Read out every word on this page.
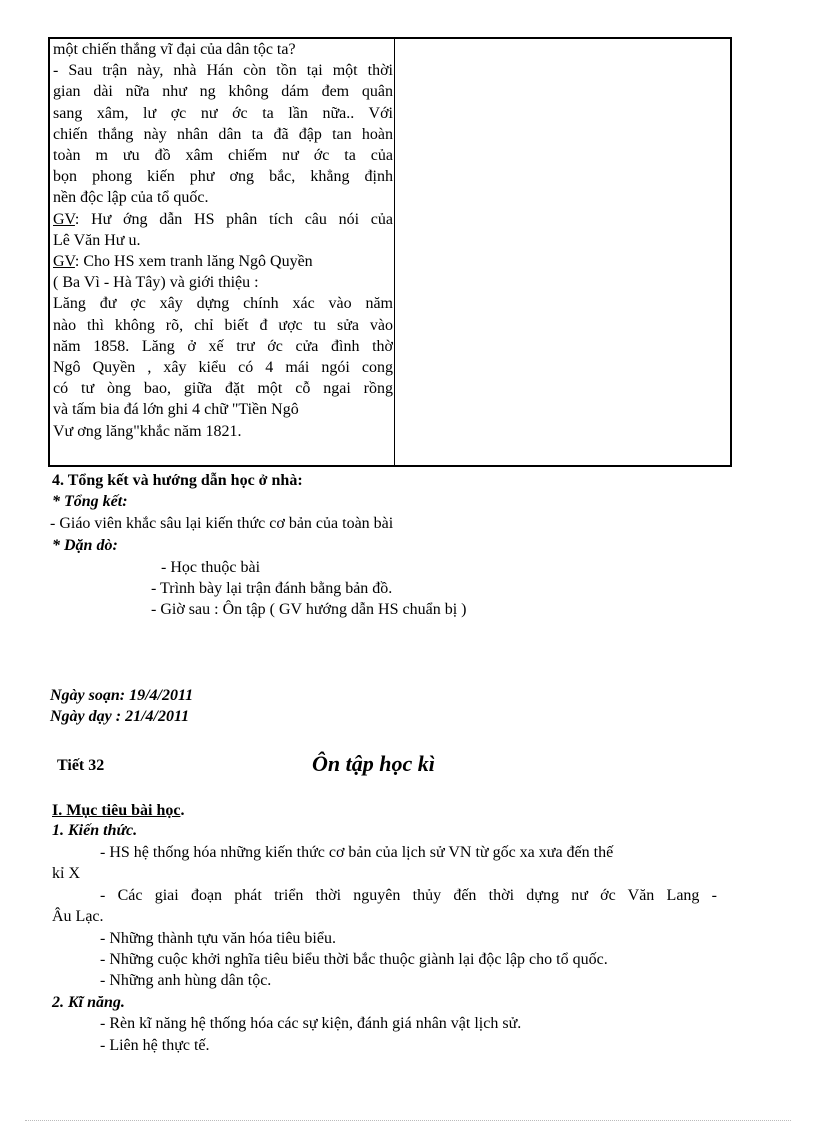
một chiến thắng vĩ đại của dân tộc ta?
- Sau trận này, nhà Hán còn tồn tại một thời
gian dài nữa như ng không dám đem quân
sang xâm, lư ợc nư ớc ta lần nữa.. Với
chiến thắng này nhân dân ta đã đập tan hoàn
toàn m ưu đồ xâm chiếm nư ớc ta của
bọn phong kiến phư ơng bắc, khẳng định
nền độc lập của tổ quốc.
GV: Hư ớng dẫn HS phân tích câu nói của
Lê Văn Hư u.
GV: Cho HS xem tranh lăng Ngô Quyền
( Ba Vì - Hà Tây) và giới thiệu :
Lăng đư ợc xây dựng chính xác vào năm
nào thì không rõ, chỉ biết đ ược tu sửa vào
năm 1858. Lăng ở xế trư ớc cửa đình thờ
Ngô Quyền , xây kiểu có 4 mái ngói cong
có tư òng bao, giữa đặt một cỗ ngai rồng
và tấm bia đá lớn ghi 4 chữ "Tiền Ngô
Vư ơng lăng"khắc năm 1821.
4. Tổng kết và hướng dẫn học ở nhà:
* Tổng kết:
- Giáo viên khắc sâu lại kiến thức cơ bản của toàn bài
* Dặn dò:
- Học thuộc bài
- Trình bày lại trận đánh bằng bản đồ.
- Giờ sau : Ôn tập ( GV hướng dẫn HS chuẩn bị )
Ngày soạn: 19/4/2011
Ngày dạy : 21/4/2011
Tiết 32	Ôn tập học kì
I. Mục tiêu bài học.
1. Kiến thức.
- HS hệ thống hóa những kiến thức cơ bản của lịch sử VN từ gốc xa xưa đến thế
kỉ X
- Các giai đoạn phát triển thời nguyên thủy đến thời dựng nư ớc Văn Lang -
Âu Lạc.
- Những thành tựu văn hóa tiêu biểu.
- Những cuộc khởi nghĩa tiêu biểu thời bắc thuộc giành lại độc lập cho tổ quốc.
- Những anh hùng dân tộc.
2. Kĩ năng.
- Rèn kĩ năng hệ thống hóa các sự kiện, đánh giá nhân vật lịch sử.
- Liên hệ thực tế.
